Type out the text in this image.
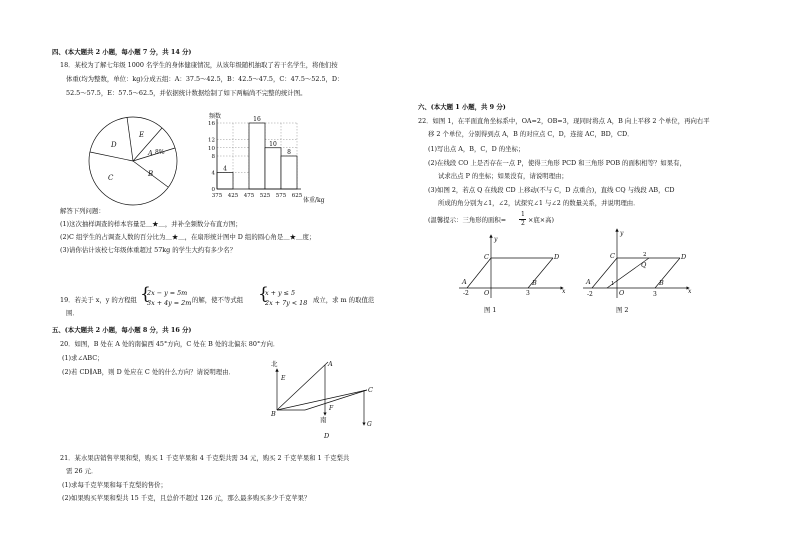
四、(本大题共 2 小题，每小题 7 分，共 14 分)
18．某校为了解七年级 1000 名学生的身体健康情况，从该年级随机抽取了若干名学生，将他们按
体重(均为整数，单位：kg)分成五组：A：37.5～42.5，B：42.5～47.5，C：47.5～52.5，D：
52.5～57.5，E：57.5～62.5，并依据统计数据绘制了如下两幅尚不完整的统计图。
D
E
A 8%
B
C
频数
4
16
10
8
0
4
8
10
12
16
375 425 475 525 575 625
体重/kg
解答下列问题：
(1)这次抽样调查的样本容量是＿★＿，并补全频数分布直方图；
(2)C 组学生的占调查人数的百分比为＿★＿，在扇形统计图中 D 组的圆心角是＿★＿度；
(3)请你估计该校七年级体重超过 57kg 的学生大约有多少名？
19．若关于 x，y 的方程组 {
2x − y = 5m
3x + 4y = 2m 的解，使不等式组 {
x + y ≤ 5
2x + 7y < 18 成立，求 m 的取值范
围．
五、(本大题共 2 小题，每小题 8 分，共 16 分)
20．如图，B 处在 A 处的南偏西 45°方向，C 处在 B 处的北偏东 80°方向．
(1)求∠ABC；
(2)若 CD∥AB，则 D 处应在 C 处的什么方向？请说明理由．
北
E
A
B
C
D
F
南
G
21．某水果店销售苹果和梨，购买 1 千克苹果和 4 千克梨共需 34 元，购买 2 千克苹果和 1 千克梨共
需 26 元．
(1)求每千克苹果和每千克梨的售价；
(2)如果购买苹果和梨共 15 千克，且总价不超过 126 元，那么最多购买多少千克苹果？
六、(本大题 1 小题，共 9 分)
22．如图 1，在平面直角坐标系中，OA=2，OB=3，现同时将点 A，B 向上平移 2 个单位，再向右平
移 2 个单位，分别得到点 A，B 的对应点 C，D，连接 AC，BD，CD．
(1)写出点 A，B，C，D 的坐标；
(2)在线段 CO 上是否存在一点 P，使得三角形 PCD 和三角形 POB 的面积相等？如果有，
试求出点 P 的坐标；如果没有，请说明理由；
(3)如图 2，若点 Q 在线段 CD 上移动(不与 C，D 点重合)，直线 CQ 与线段 AB，CD
所成的角分别为∠1，∠2，试探究∠1 与∠2 的数量关系，并说明理由．
(温馨提示：三角形的面积=
1
2 ×底×高)
y
x
A	B
C	D
O
-2	3
图 1
y
x
A	B
C	D
O
Q
1
2
-2	3
图 2
